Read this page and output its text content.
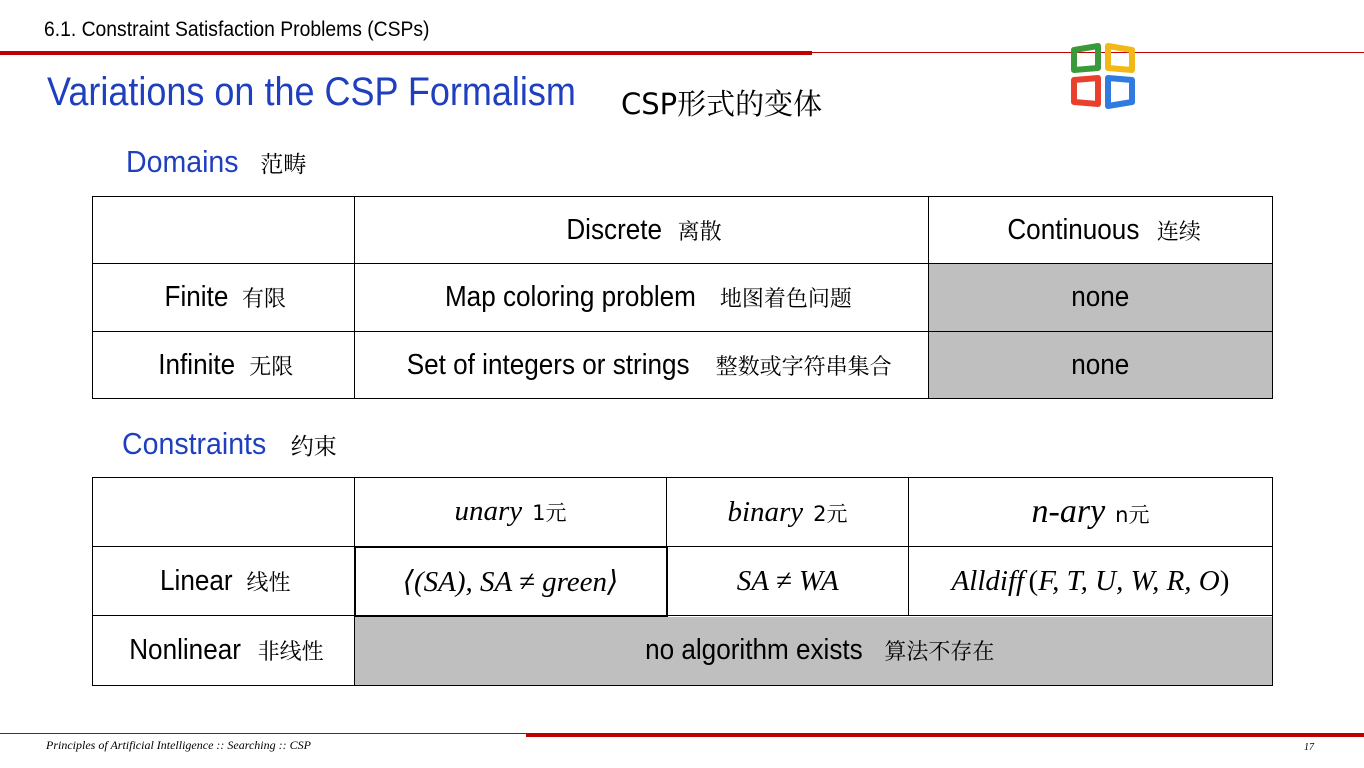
6.1. Constraint Satisfaction Problems (CSPs)
Variations on the CSP Formalism CSP形式的变体
Domains 范畴
	Discrete 离散	Continuous 连续
Finite 有限	Map coloring problem 地图着色问题	none
Infinite 无限	Set of integers or strings 整数或字符串集合	none
Constraints 约束
	unary 1元	binary 2元	n-ary n元
Linear 线性	⟨(SA), SA ≠ green⟩	SA ≠ WA	Alldiff (F, T, U, W, R, O)
Nonlinear 非线性	no algorithm exists 算法不存在		
Principles of Artificial Intelligence :: Searching :: CSP	17
